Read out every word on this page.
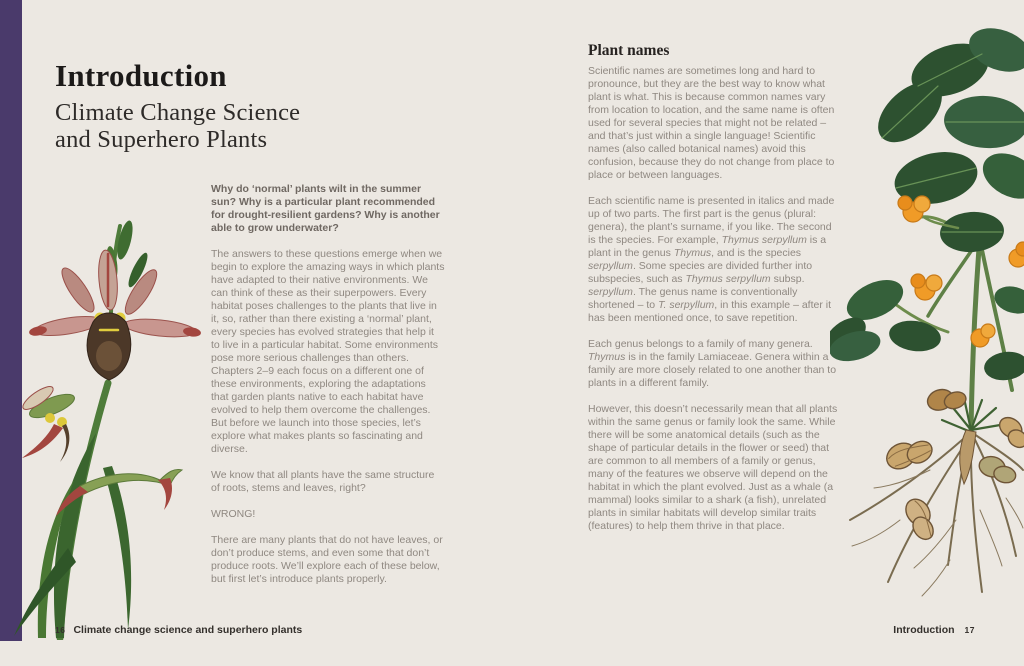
Introduction
Climate Change Science
and Superhero Plants

Why do ‘normal’ plants wilt in the summer sun? Why is a particular plant recommended for drought-resilient gardens? Why is another able to grow underwater?

The answers to these questions emerge when we begin to explore the amazing ways in which plants have adapted to their native environments. We can think of these as their superpowers. Every habitat poses challenges to the plants that live in it, so, rather than there existing a ‘normal’ plant, every species has evolved strategies that help it to live in a particular habitat. Some environments pose more serious challenges than others. Chapters 2–9 each focus on a different one of these environments, exploring the adaptations that garden plants native to each habitat have evolved to help them overcome the challenges. But before we launch into those species, let’s explore what makes plants so fascinating and diverse.

We know that all plants have the same structure of roots, stems and leaves, right?

WRONG!

There are many plants that do not have leaves, or don’t produce stems, and even some that don’t produce roots. We’ll explore each of these below, but first let’s introduce plants properly.

Plant names

Scientific names are sometimes long and hard to pronounce, but they are the best way to know what plant is what. This is because common names vary from location to location, and the same name is often used for several species that might not be related – and that’s just within a single language! Scientific names (also called botanical names) avoid this confusion, because they do not change from place to place or between languages.

Each scientific name is presented in italics and made up of two parts. The first part is the genus (plural: genera), the plant’s surname, if you like. The second is the species. For example, Thymus serpyllum is a plant in the genus Thymus, and is the species serpyllum. Some species are divided further into subspecies, such as Thymus serpyllum subsp. serpyllum. The genus name is conventionally shortened – to T. serpyllum, in this example – after it has been mentioned once, to save repetition.

Each genus belongs to a family of many genera. Thymus is in the family Lamiaceae. Genera within a family are more closely related to one another than to plants in a different family.

However, this doesn’t necessarily mean that all plants within the same genus or family look the same. While there will be some anatomical details (such as the shape of particular details in the flower or seed) that are common to all members of a family or genus, many of the features we observe will depend on the habitat in which the plant evolved. Just as a whale (a mammal) looks similar to a shark (a fish), unrelated plants in similar habitats will develop similar traits (features) to help them thrive in that place.

16 Climate change science and superhero plants	Introduction 17
